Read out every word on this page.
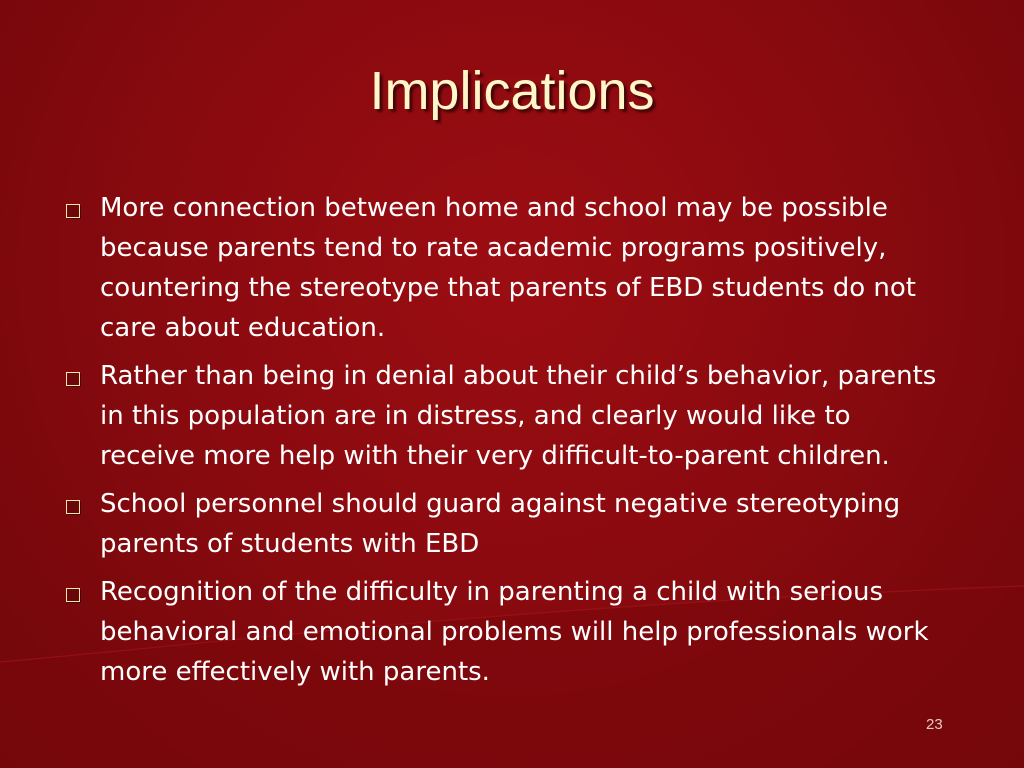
Implications
More connection between home and school may be possible because parents tend to rate academic programs positively, countering the stereotype that parents of EBD students do not care about education.
Rather than being in denial about their child’s behavior, parents in this population are in distress, and clearly would like to receive more help with their very difficult-to-parent children.
School personnel should guard against negative stereotyping parents of students with EBD
Recognition of the difficulty in parenting a child with serious behavioral and emotional problems will help professionals work more effectively with parents.
23
